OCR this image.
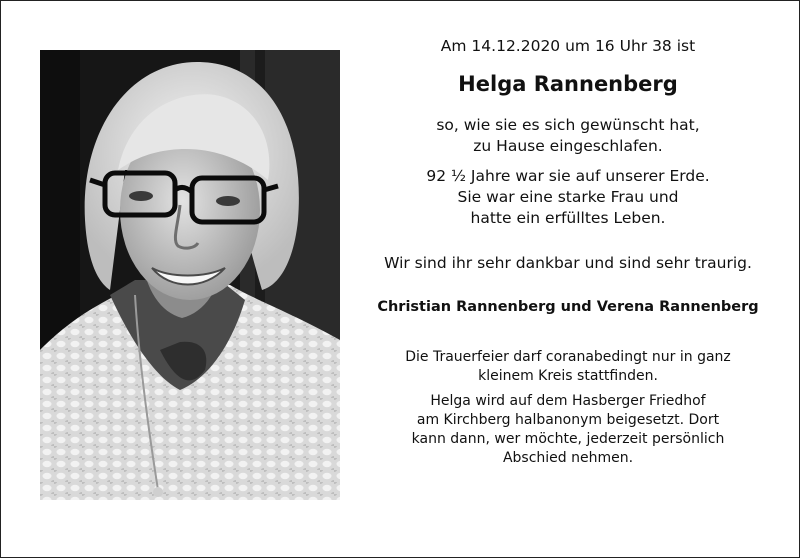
Am 14.12.2020 um 16 Uhr 38 ist
Helga Rannenberg
so, wie sie es sich gewünscht hat,
zu Hause eingeschlafen.
92 ½ Jahre war sie auf unserer Erde.
Sie war eine starke Frau und
hatte ein erfülltes Leben.
Wir sind ihr sehr dankbar und sind sehr traurig.
Christian Rannenberg und Verena Rannenberg
Die Trauerfeier darf coranabedingt nur in ganz
kleinem Kreis stattfinden.
Helga wird auf dem Hasberger Friedhof
am Kirchberg halbanonym beigesetzt. Dort
kann dann, wer möchte, jederzeit persönlich
Abschied nehmen.
